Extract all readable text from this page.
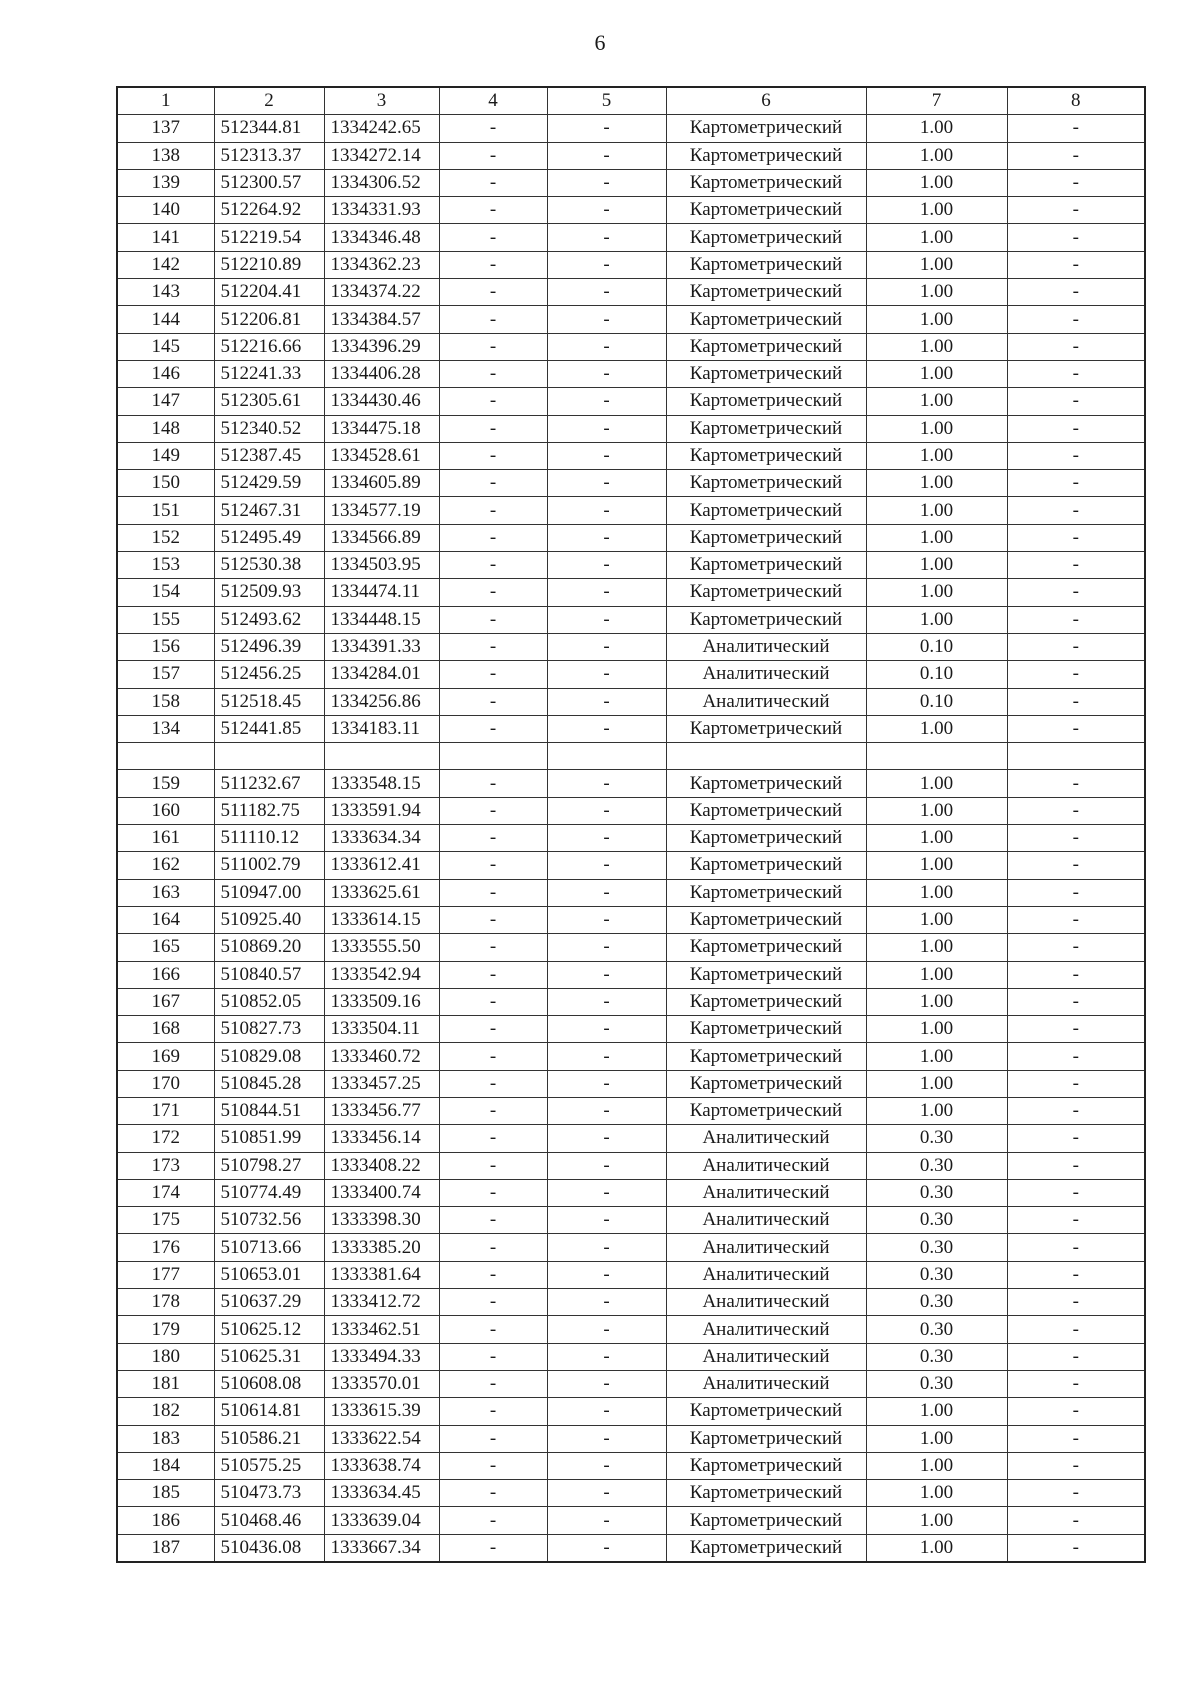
6
1	2	3	4	5	6	7	8
137	512344.81	1334242.65	-	-	Картометрический	1.00	-
138	512313.37	1334272.14	-	-	Картометрический	1.00	-
139	512300.57	1334306.52	-	-	Картометрический	1.00	-
140	512264.92	1334331.93	-	-	Картометрический	1.00	-
141	512219.54	1334346.48	-	-	Картометрический	1.00	-
142	512210.89	1334362.23	-	-	Картометрический	1.00	-
143	512204.41	1334374.22	-	-	Картометрический	1.00	-
144	512206.81	1334384.57	-	-	Картометрический	1.00	-
145	512216.66	1334396.29	-	-	Картометрический	1.00	-
146	512241.33	1334406.28	-	-	Картометрический	1.00	-
147	512305.61	1334430.46	-	-	Картометрический	1.00	-
148	512340.52	1334475.18	-	-	Картометрический	1.00	-
149	512387.45	1334528.61	-	-	Картометрический	1.00	-
150	512429.59	1334605.89	-	-	Картометрический	1.00	-
151	512467.31	1334577.19	-	-	Картометрический	1.00	-
152	512495.49	1334566.89	-	-	Картометрический	1.00	-
153	512530.38	1334503.95	-	-	Картометрический	1.00	-
154	512509.93	1334474.11	-	-	Картометрический	1.00	-
155	512493.62	1334448.15	-	-	Картометрический	1.00	-
156	512496.39	1334391.33	-	-	Аналитический	0.10	-
157	512456.25	1334284.01	-	-	Аналитический	0.10	-
158	512518.45	1334256.86	-	-	Аналитический	0.10	-
134	512441.85	1334183.11	-	-	Картометрический	1.00	-

159	511232.67	1333548.15	-	-	Картометрический	1.00	-
160	511182.75	1333591.94	-	-	Картометрический	1.00	-
161	511110.12	1333634.34	-	-	Картометрический	1.00	-
162	511002.79	1333612.41	-	-	Картометрический	1.00	-
163	510947.00	1333625.61	-	-	Картометрический	1.00	-
164	510925.40	1333614.15	-	-	Картометрический	1.00	-
165	510869.20	1333555.50	-	-	Картометрический	1.00	-
166	510840.57	1333542.94	-	-	Картометрический	1.00	-
167	510852.05	1333509.16	-	-	Картометрический	1.00	-
168	510827.73	1333504.11	-	-	Картометрический	1.00	-
169	510829.08	1333460.72	-	-	Картометрический	1.00	-
170	510845.28	1333457.25	-	-	Картометрический	1.00	-
171	510844.51	1333456.77	-	-	Картометрический	1.00	-
172	510851.99	1333456.14	-	-	Аналитический	0.30	-
173	510798.27	1333408.22	-	-	Аналитический	0.30	-
174	510774.49	1333400.74	-	-	Аналитический	0.30	-
175	510732.56	1333398.30	-	-	Аналитический	0.30	-
176	510713.66	1333385.20	-	-	Аналитический	0.30	-
177	510653.01	1333381.64	-	-	Аналитический	0.30	-
178	510637.29	1333412.72	-	-	Аналитический	0.30	-
179	510625.12	1333462.51	-	-	Аналитический	0.30	-
180	510625.31	1333494.33	-	-	Аналитический	0.30	-
181	510608.08	1333570.01	-	-	Аналитический	0.30	-
182	510614.81	1333615.39	-	-	Картометрический	1.00	-
183	510586.21	1333622.54	-	-	Картометрический	1.00	-
184	510575.25	1333638.74	-	-	Картометрический	1.00	-
185	510473.73	1333634.45	-	-	Картометрический	1.00	-
186	510468.46	1333639.04	-	-	Картометрический	1.00	-
187	510436.08	1333667.34	-	-	Картометрический	1.00	-
